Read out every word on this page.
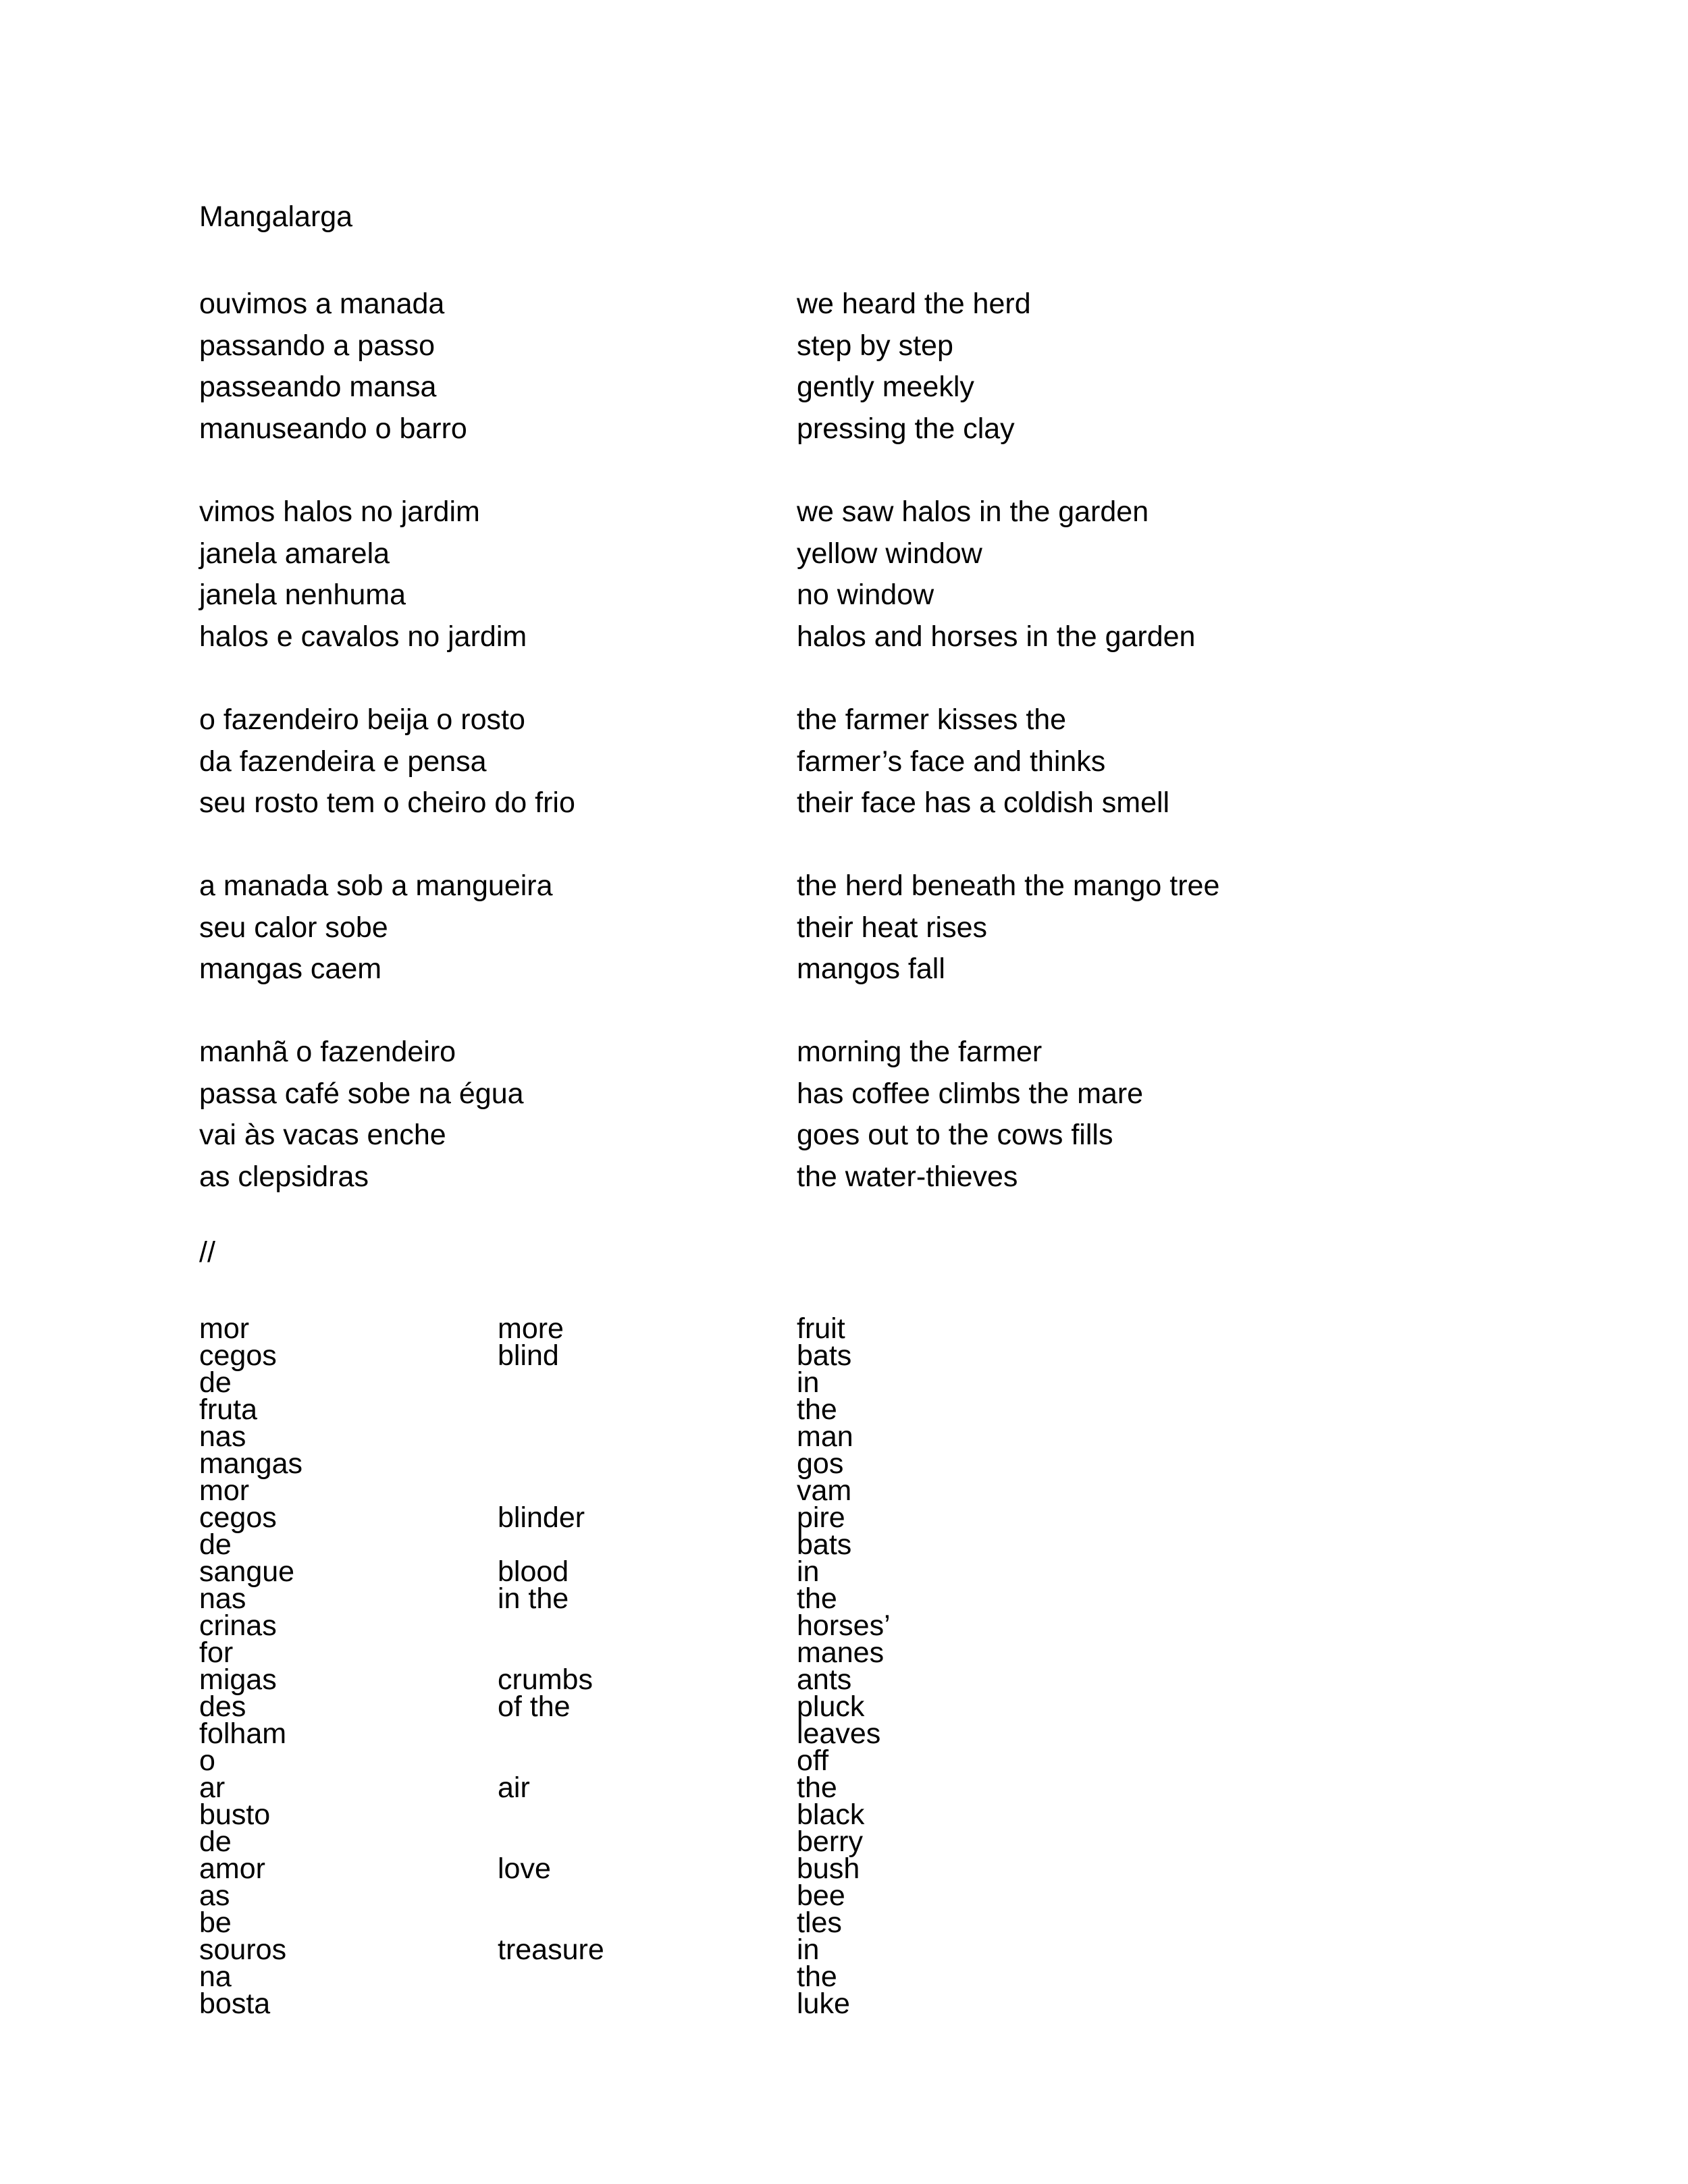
Mangalarga
ouvimos a manada
passando a passo
passeando mansa
manuseando o barro
we heard the herd
step by step
gently meekly
pressing the clay
vimos halos no jardim
janela amarela
janela nenhuma
halos e cavalos no jardim
we saw halos in the garden
yellow window
no window
halos and horses in the garden
o fazendeiro beija o rosto
da fazendeira e pensa
seu rosto tem o cheiro do frio
the farmer kisses the
farmer’s face and thinks
their face has a coldish smell
a manada sob a mangueira
seu calor sobe
mangas caem
the herd beneath the mango tree
their heat rises
mangos fall
manhã o fazendeiro
passa café sobe na égua
vai às vacas enche
as clepsidras
morning the farmer
has coffee climbs the mare
goes out to the cows fills
the water-thieves
//
mor
cegos
de
fruta
nas
mangas
mor
cegos
de
sangue
nas
crinas
for
migas
des
folham
o
ar
busto
de
amor
as
be
souros
na
bosta
more
blind
blinder
blood
in the
crumbs
of the
air
love
treasure
fruit
bats
in
the
man
gos
vam
pire
bats
in
the
horses’
manes
ants
pluck
leaves
off
the
black
berry
bush
bee
tles
in
the
luke
